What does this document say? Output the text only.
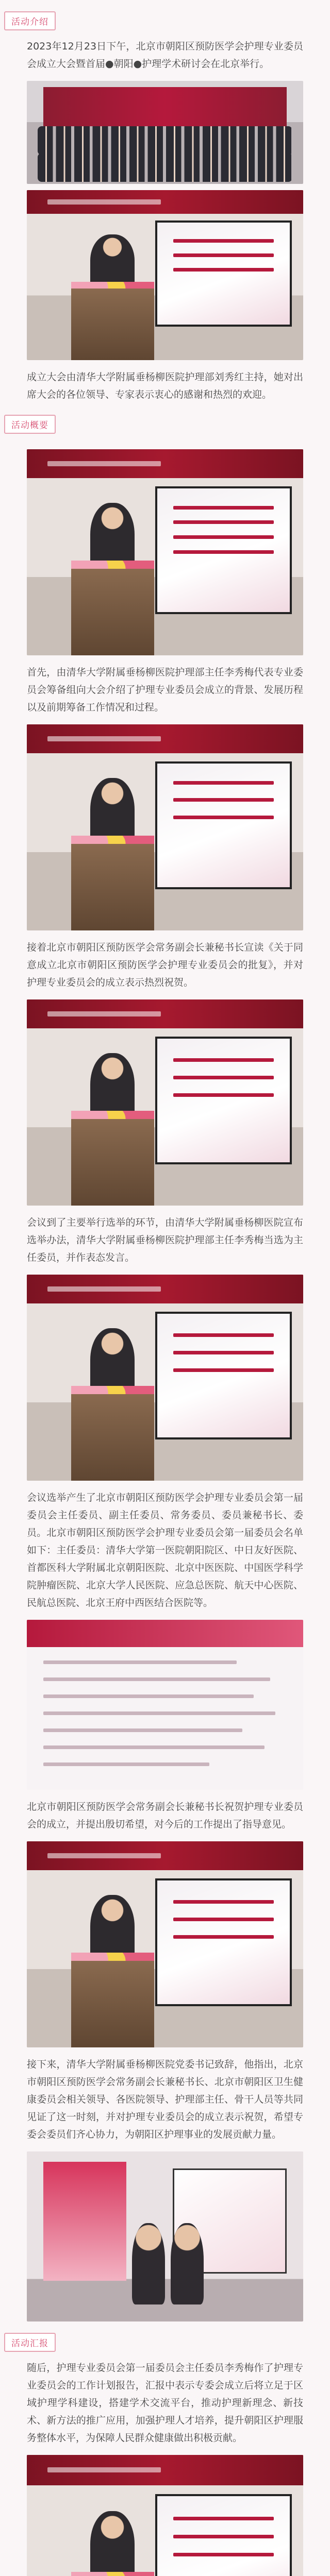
活动介绍

2023年12月23日下午，北京市朝阳区预防医学会护理专业委员会成立大会暨首届●朝阳●护理学术研讨会在北京举行。

成立大会由清华大学附属垂杨柳医院护理部刘秀红主持，她对出席大会的各位领导、专家表示衷心的感谢和热烈的欢迎。

活动概要

首先，由清华大学附属垂杨柳医院护理部主任李秀梅代表专业委员会筹备组向大会介绍了护理专业委员会成立的背景、发展历程以及前期筹备工作情况和过程。

接着北京市朝阳区预防医学会常务副会长兼秘书长宣读《关于同意成立北京市朝阳区预防医学会护理专业委员会的批复》，并对护理专业委员会的成立表示热烈祝贺。

会议到了主要举行选举的环节，由清华大学附属垂杨柳医院宣布选举办法，清华大学附属垂杨柳医院护理部主任李秀梅当选为主任委员，并作表态发言。

会议选举产生了北京市朝阳区预防医学会护理专业委员会第一届委员会主任委员、副主任委员、常务委员、委员兼秘书长、委员。北京市朝阳区预防医学会护理专业委员会第一届委员会名单如下：主任委员：清华大学第一医院朝阳院区、中日友好医院、首都医科大学附属北京朝阳医院、北京中医医院、中国医学科学院肿瘤医院、北京大学人民医院、应急总医院、航天中心医院、民航总医院、北京王府中西医结合医院等。

北京市朝阳区预防医学会常务副会长兼秘书长祝贺护理专业委员会的成立，并提出殷切希望，对今后的工作提出了指导意见。

接下来，清华大学附属垂杨柳医院党委书记致辞，他指出，北京市朝阳区预防医学会常务副会长兼秘书长、北京市朝阳区卫生健康委员会相关领导、各医院领导、护理部主任、骨干人员等共同见证了这一时刻，并对护理专业委员会的成立表示祝贺，希望专委会委员们齐心协力，为朝阳区护理事业的发展贡献力量。

活动汇报

随后，护理专业委员会第一届委员会主任委员李秀梅作了护理专业委员会的工作计划报告，汇报中表示专委会成立后将立足于区域护理学科建设，搭建学术交流平台，推动护理新理念、新技术、新方法的推广应用，加强护理人才培养，提升朝阳区护理服务整体水平，为保障人民群众健康做出积极贡献。
